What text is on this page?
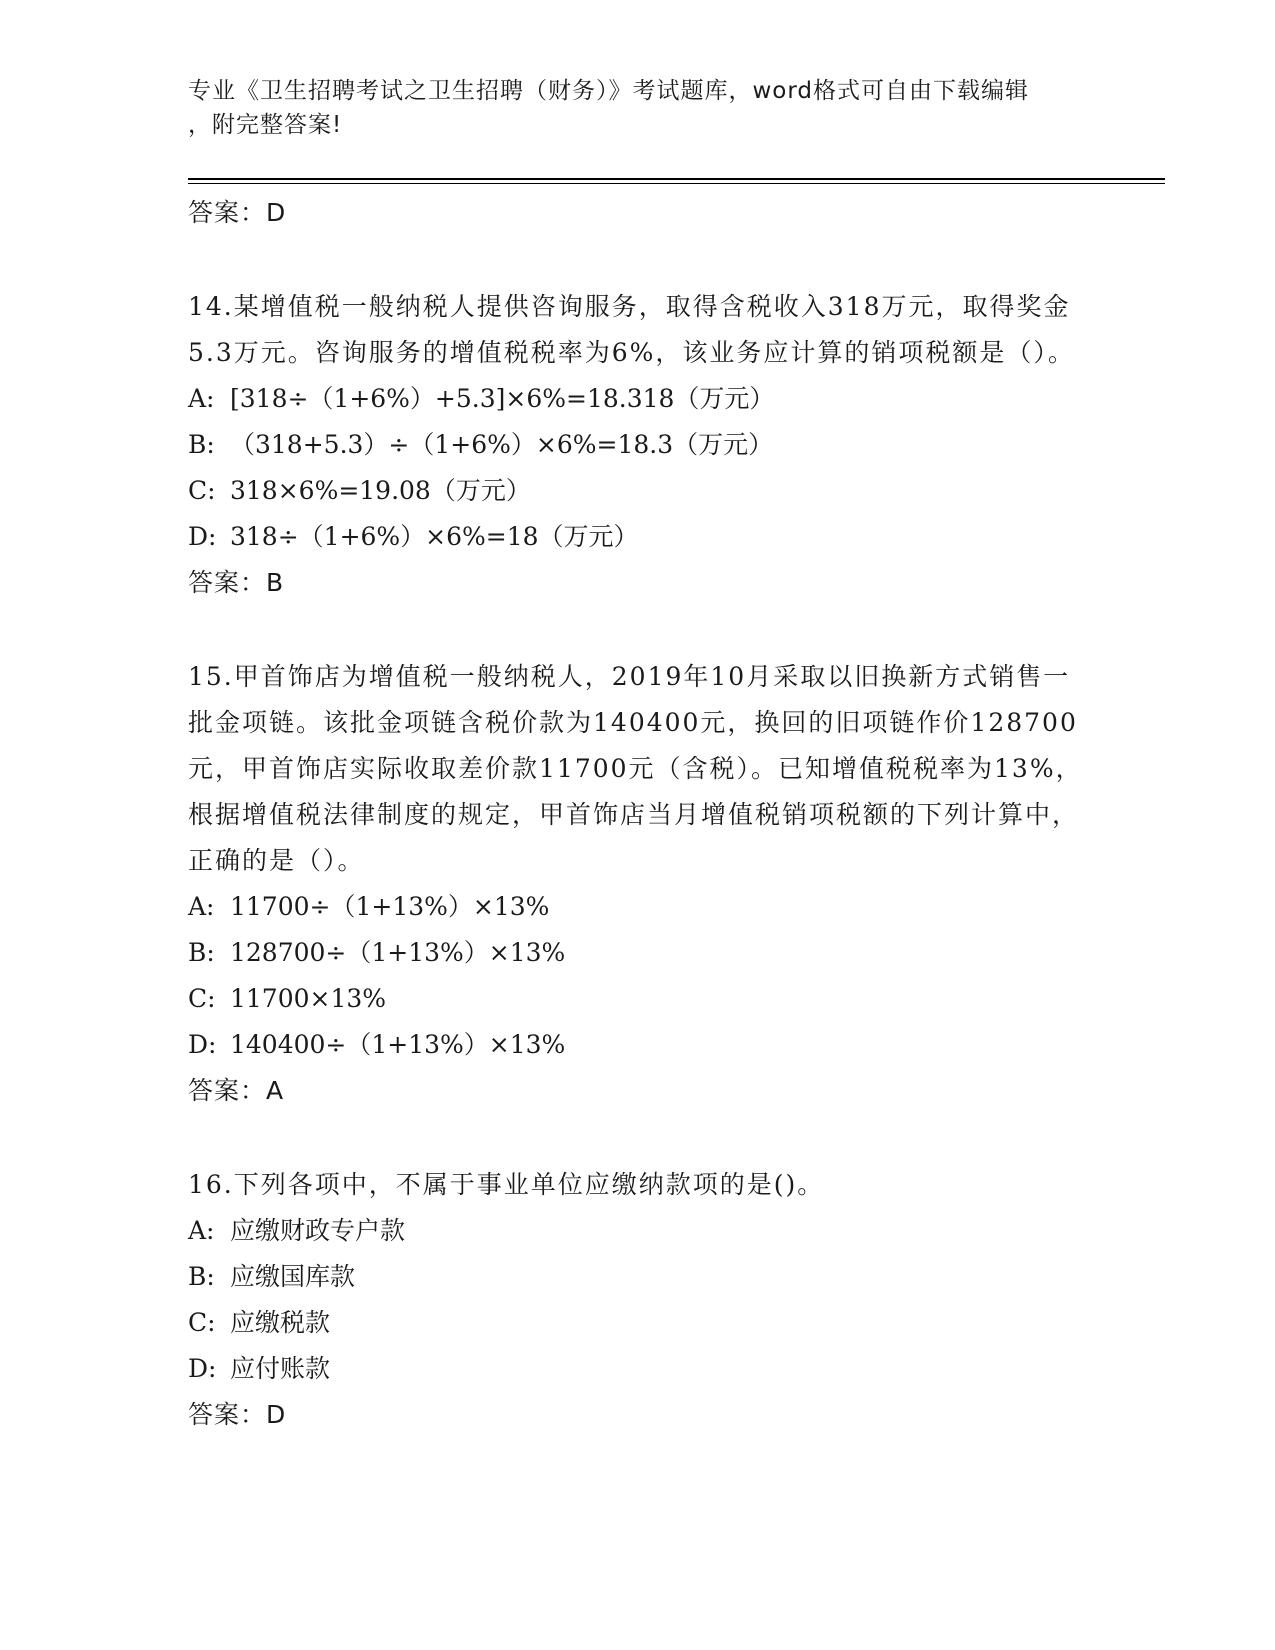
专业《卫生招聘考试之卫生招聘（财务）》考试题库，word格式可自由下载编辑
，附完整答案!
答案：D
14.某增值税一般纳税人提供咨询服务，取得含税收入318万元，取得奖金5.3万元。咨询服务的增值税税率为6%，该业务应计算的销项税额是（）。
A: [318÷（1+6%）+5.3]×6%=18.318（万元）
B: （318+5.3）÷（1+6%）×6%=18.3（万元）
C: 318×6%=19.08（万元）
D: 318÷（1+6%）×6%=18（万元）
答案：B
15.甲首饰店为增值税一般纳税人，2019年10月采取以旧换新方式销售一批金项链。该批金项链含税价款为140400元，换回的旧项链作价128700元，甲首饰店实际收取差价款11700元（含税）。已知增值税税率为13%，根据增值税法律制度的规定，甲首饰店当月增值税销项税额的下列计算中，正确的是（）。
A: 11700÷（1+13%）×13%
B: 128700÷（1+13%）×13%
C: 11700×13%
D: 140400÷（1+13%）×13%
答案：A
16.下列各项中，不属于事业单位应缴纳款项的是()。
A: 应缴财政专户款
B: 应缴国库款
C: 应缴税款
D: 应付账款
答案：D
